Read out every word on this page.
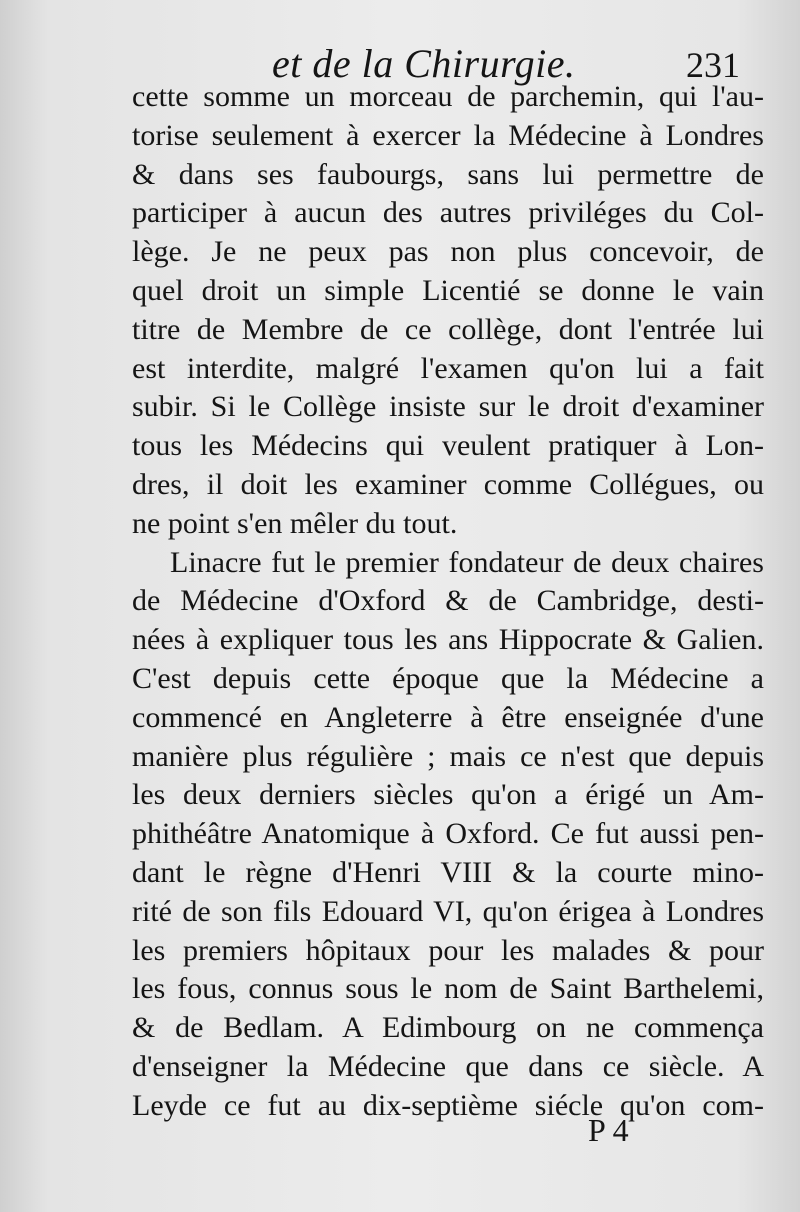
et de la Chirurgie.	231
cette somme un morceau de parchemin, qui l'au-
torise seulement à exercer la Médecine à Londres
& dans ses faubourgs, sans lui permettre de
participer à aucun des autres priviléges du Col-
lège. Je ne peux pas non plus concevoir, de
quel droit un simple Licentié se donne le vain
titre de Membre de ce collège, dont l'entrée lui
est interdite, malgré l'examen qu'on lui a fait
subir. Si le Collège insiste sur le droit d'examiner
tous les Médecins qui veulent pratiquer à Lon-
dres, il doit les examiner comme Collégues, ou
ne point s'en mêler du tout.
Linacre fut le premier fondateur de deux chaires
de Médecine d'Oxford & de Cambridge, desti-
nées à expliquer tous les ans Hippocrate & Galien.
C'est depuis cette époque que la Médecine a
commencé en Angleterre à être enseignée d'une
manière plus régulière ; mais ce n'est que depuis
les deux derniers siècles qu'on a érigé un Am-
phithéâtre Anatomique à Oxford. Ce fut aussi pen-
dant le règne d'Henri VIII & la courte mino-
rité de son fils Edouard VI, qu'on érigea à Londres
les premiers hôpitaux pour les malades & pour
les fous, connus sous le nom de Saint Barthelemi,
& de Bedlam. A Edimbourg on ne commença
d'enseigner la Médecine que dans ce siècle. A
Leyde ce fut au dix-septième siécle qu'on com-
P 4
